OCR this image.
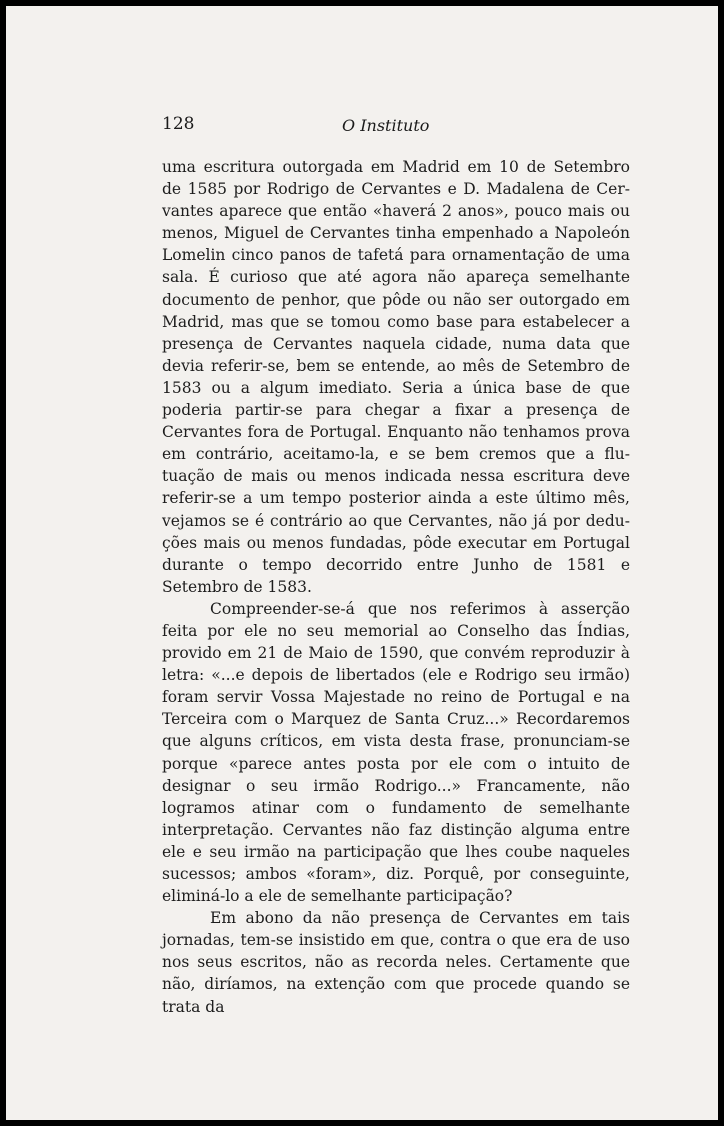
128	O Instituto

uma escritura outorgada em Madrid em 10 de Setembro de 1585 por Rodrigo de Cervantes e D. Madalena de Cervantes aparece que então «haverá 2 anos», pouco mais ou menos, Miguel de Cervantes tinha empenhado a Napoleón Lomelin cinco panos de tafetá para ornamentação de uma sala. É curioso que até agora não apareça semelhante documento de penhor, que pôde ou não ser outorgado em Madrid, mas que se tomou como base para estabelecer a presença de Cervantes naquela cidade, numa data que devia referir-se, bem se entende, ao mês de Setembro de 1583 ou a algum imediato. Seria a única base de que poderia partir-se para chegar a fixar a presença de Cervantes fora de Portugal. Enquanto não tenhamos prova em contrário, aceitamo-la, e se bem cremos que a flutuação de mais ou menos indicada nessa escritura deve referir-se a um tempo posterior ainda a este último mês, vejamos se é contrário ao que Cervantes, não já por deduções mais ou menos fundadas, pôde executar em Portugal durante o tempo decorrido entre Junho de 1581 e Setembro de 1583.

Compreender-se-á que nos referimos à asserção feita por ele no seu memorial ao Conselho das Índias, provido em 21 de Maio de 1590, que convém reproduzir à letra: «...e depois de libertados (ele e Rodrigo seu irmão) foram servir Vossa Majestade no reino de Portugal e na Terceira com o Marquez de Santa Cruz...» Recordaremos que alguns críticos, em vista desta frase, pronunciam-se porque «parece antes posta por ele com o intuito de designar o seu irmão Rodrigo...» Francamente, não logramos atinar com o fundamento de semelhante interpretação. Cervantes não faz distinção alguma entre ele e seu irmão na participação que lhes coube naqueles sucessos; ambos «foram», diz. Porquê, por conseguinte, eliminá-lo a ele de semelhante participação?

Em abono da não presença de Cervantes em tais jornadas, tem-se insistido em que, contra o que era de uso nos seus escritos, não as recorda neles. Certamente que não, diríamos, na extenção com que procede quando se trata da
